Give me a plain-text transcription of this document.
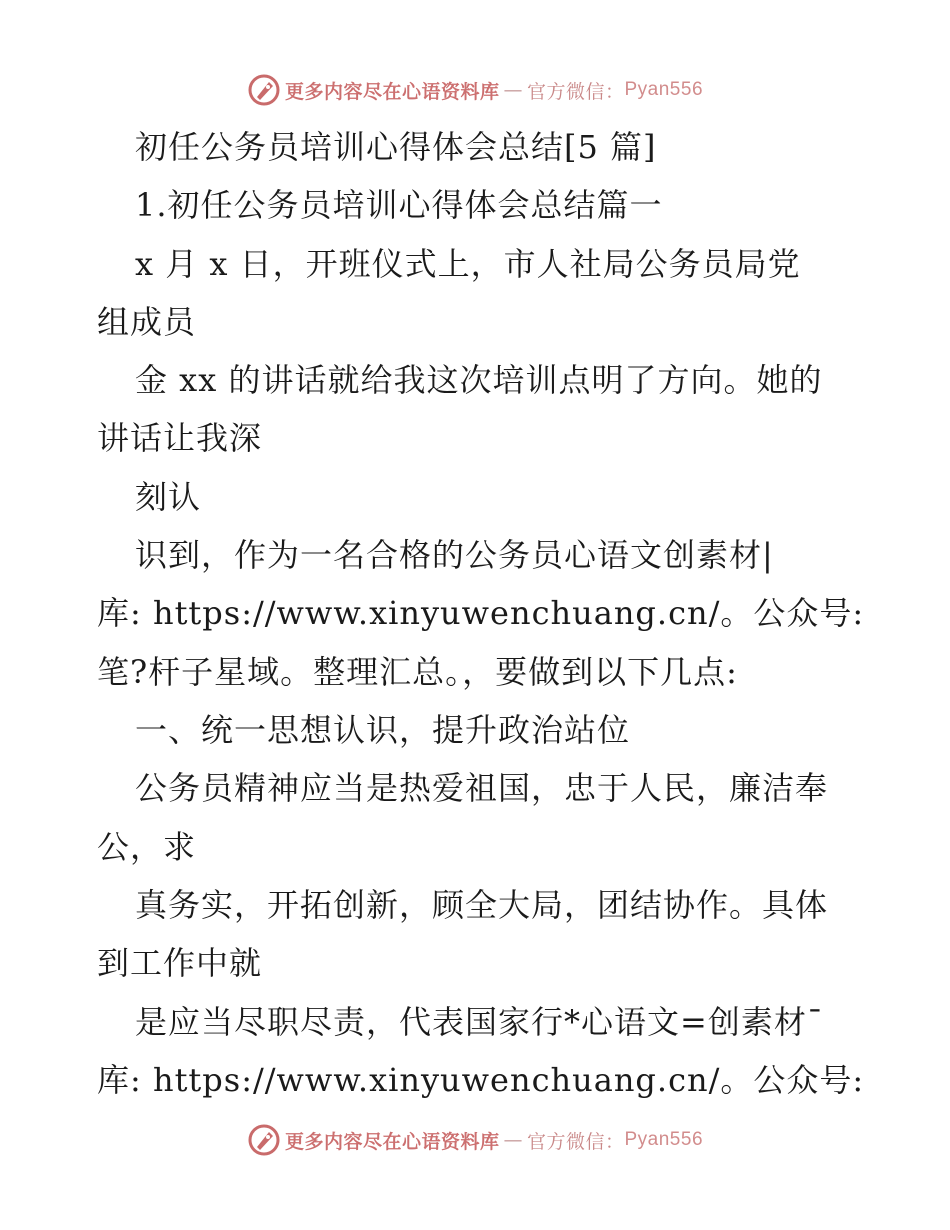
更多内容尽在心语资料库 — 官方微信： Pyan556
初任公务员培训心得体会总结[5 篇]
1.初任公务员培训心得体会总结篇一
x 月 x 日，开班仪式上，市人社局公务员局党
组成员
金 xx 的讲话就给我这次培训点明了方向。她的
讲话让我深
刻认
识到，作为一名合格的公务员心语文创素材|
库: https://www.xinyuwenchuang.cn/。公众号:
笔?杆子星域。整理汇总。，要做到以下几点:
一、统一思想认识，提升政治站位
公务员精神应当是热爱祖国，忠于人民，廉洁奉
公，求
真务实，开拓创新，顾全大局，团结协作。具体
到工作中就
是应当尽职尽责，代表国家行*心语文=创素材¯
库: https://www.xinyuwenchuang.cn/。公众号:
更多内容尽在心语资料库 — 官方微信： Pyan556
